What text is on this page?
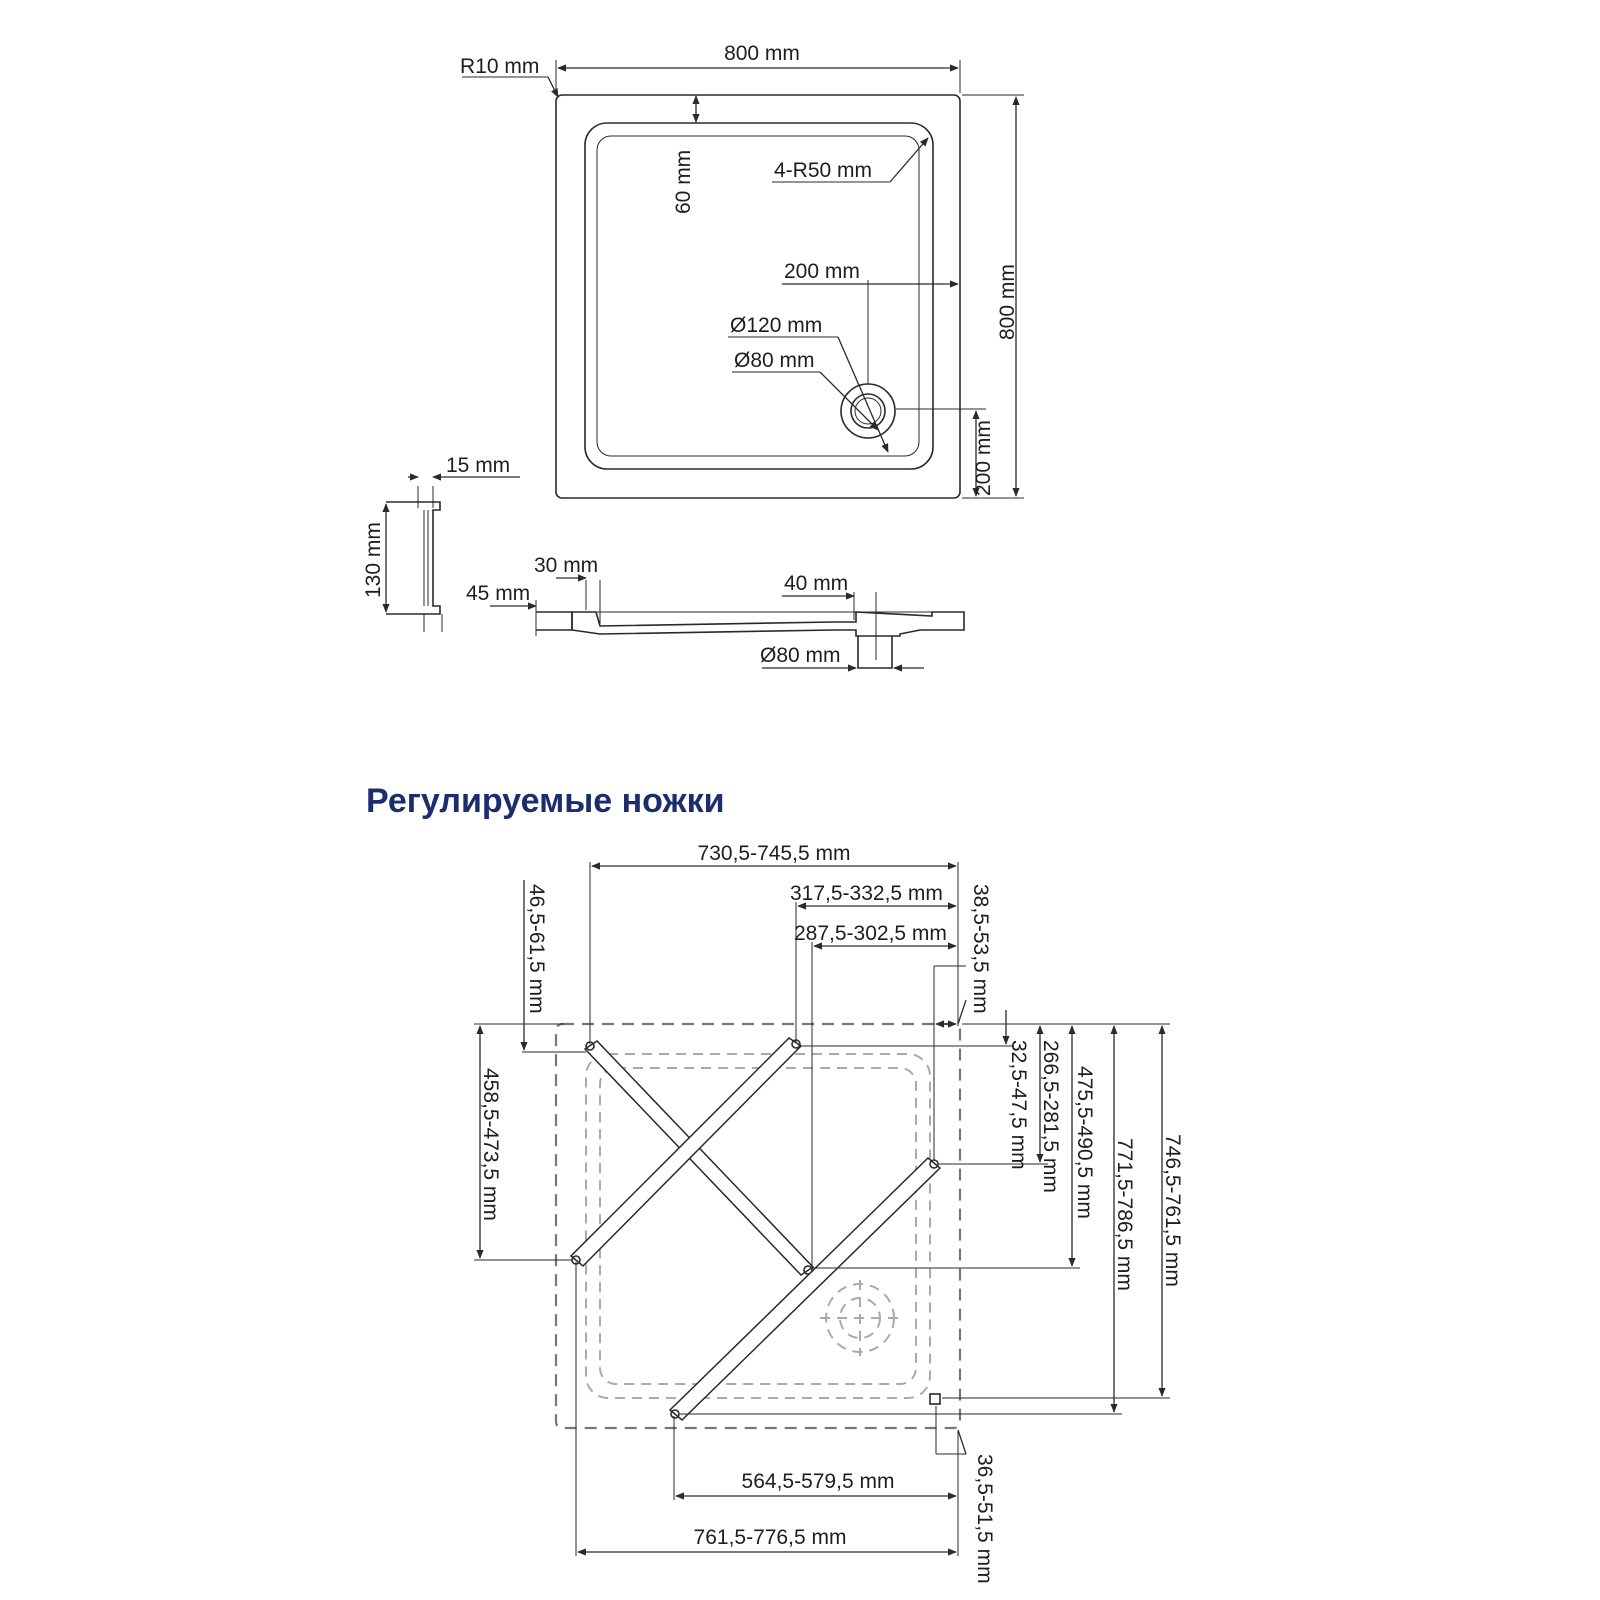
800 mm
R10 mm
60 mm	4-R50 mm
200 mm
Ø120 mm
Ø80 mm
200 mm
800 mm
15 mm
130 mm	30 mm
45 mm	40 mm
Ø80 mm
Регулируемые ножки
730,5-745,5 mm
317,5-332,5 mm
287,5-302,5 mm 38,5-53,5 mm
46,5-61,5 mm
458,5-473,5 mm	32,5-47,5 mm 266,5-281,5 mm 475,5-490,5 mm 771,5-786,5 mm 746,5-761,5 mm
564,5-579,5 mm
761,5-776,5 mm	36,5-51,5 mm
